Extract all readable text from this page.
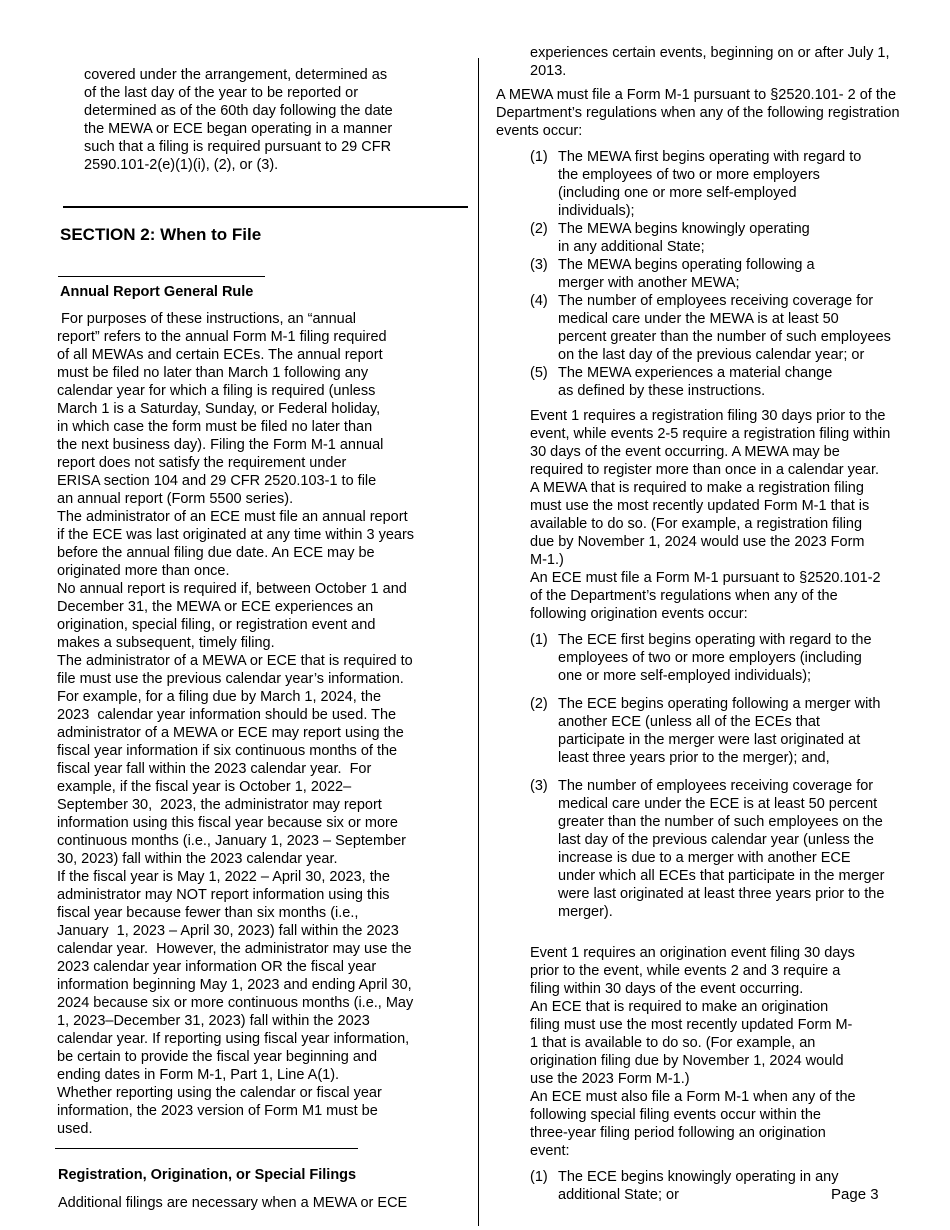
covered under the arrangement, determined as
of the last day of the year to be reported or
determined as of the 60th day following the date
the MEWA or ECE began operating in a manner
such that a filing is required pursuant to 29 CFR
2590.101-2(e)(1)(i), (2), or (3).
SECTION 2: When to File
Annual Report General Rule
For purposes of these instructions, an “annual
report” refers to the annual Form M-1 filing required
of all MEWAs and certain ECEs. The annual report
must be filed no later than March 1 following any
calendar year for which a filing is required (unless
March 1 is a Saturday, Sunday, or Federal holiday,
in which case the form must be filed no later than
the next business day). Filing the Form M-1 annual
report does not satisfy the requirement under
ERISA section 104 and 29 CFR 2520.103-1 to file
an annual report (Form 5500 series).
The administrator of an ECE must file an annual report
if the ECE was last originated at any time within 3 years
before the annual filing due date. An ECE may be
originated more than once.
No annual report is required if, between October 1 and
December 31, the MEWA or ECE experiences an
origination, special filing, or registration event and
makes a subsequent, timely filing.
The administrator of a MEWA or ECE that is required to
file must use the previous calendar year’s information.
For example, for a filing due by March 1, 2024, the
2023  calendar year information should be used. The
administrator of a MEWA or ECE may report using the
fiscal year information if six continuous months of the
fiscal year fall within the 2023 calendar year.  For
example, if the fiscal year is October 1, 2022–
September 30,  2023, the administrator may report
information using this fiscal year because six or more
continuous months (i.e., January 1, 2023 – September
30, 2023) fall within the 2023 calendar year.
If the fiscal year is May 1, 2022 – April 30, 2023, the
administrator may NOT report information using this
fiscal year because fewer than six months (i.e.,
January  1, 2023 – April 30, 2023) fall within the 2023
calendar year.  However, the administrator may use the
2023 calendar year information OR the fiscal year
information beginning May 1, 2023 and ending April 30,
2024 because six or more continuous months (i.e., May
1, 2023–December 31, 2023) fall within the 2023
calendar year. If reporting using fiscal year information,
be certain to provide the fiscal year beginning and
ending dates in Form M-1, Part 1, Line A(1).
Whether reporting using the calendar or fiscal year
information, the 2023 version of Form M1 must be
used.
Registration, Origination, or Special Filings
Additional filings are necessary when a MEWA or ECE
experiences certain events, beginning on or after July 1,
2013.
A MEWA must file a Form M-1 pursuant to §2520.101- 2 of the
Department’s regulations when any of the following registration
events occur:
(1) The MEWA first begins operating with regard to
the employees of two or more employers
(including one or more self-employed
individuals);
(2) The MEWA begins knowingly operating
in any additional State;
(3) The MEWA begins operating following a
merger with another MEWA;
(4) The number of employees receiving coverage for
medical care under the MEWA is at least 50
percent greater than the number of such employees
on the last day of the previous calendar year; or
(5) The MEWA experiences a material change
as defined by these instructions.
Event 1 requires a registration filing 30 days prior to the
event, while events 2-5 require a registration filing within
30 days of the event occurring. A MEWA may be
required to register more than once in a calendar year.
A MEWA that is required to make a registration filing
must use the most recently updated Form M-1 that is
available to do so. (For example, a registration filing
due by November 1, 2024 would use the 2023 Form
M-1.)
An ECE must file a Form M-1 pursuant to §2520.101-2
of the Department’s regulations when any of the
following origination events occur:
(1) The ECE first begins operating with regard to the
employees of two or more employers (including
one or more self-employed individuals);
(2) The ECE begins operating following a merger with
another ECE (unless all of the ECEs that
participate in the merger were last originated at
least three years prior to the merger); and,
(3) The number of employees receiving coverage for
medical care under the ECE is at least 50 percent
greater than the number of such employees on the
last day of the previous calendar year (unless the
increase is due to a merger with another ECE
under which all ECEs that participate in the merger
were last originated at least three years prior to the
merger).
Event 1 requires an origination event filing 30 days
prior to the event, while events 2 and 3 require a
filing within 30 days of the event occurring.
An ECE that is required to make an origination
filing must use the most recently updated Form M-
1 that is available to do so. (For example, an
origination filing due by November 1, 2024 would
use the 2023 Form M-1.)
An ECE must also file a Form M-1 when any of the
following special filing events occur within the
three-year filing period following an origination
event:
(1) The ECE begins knowingly operating in any
additional State; or	Page 3
